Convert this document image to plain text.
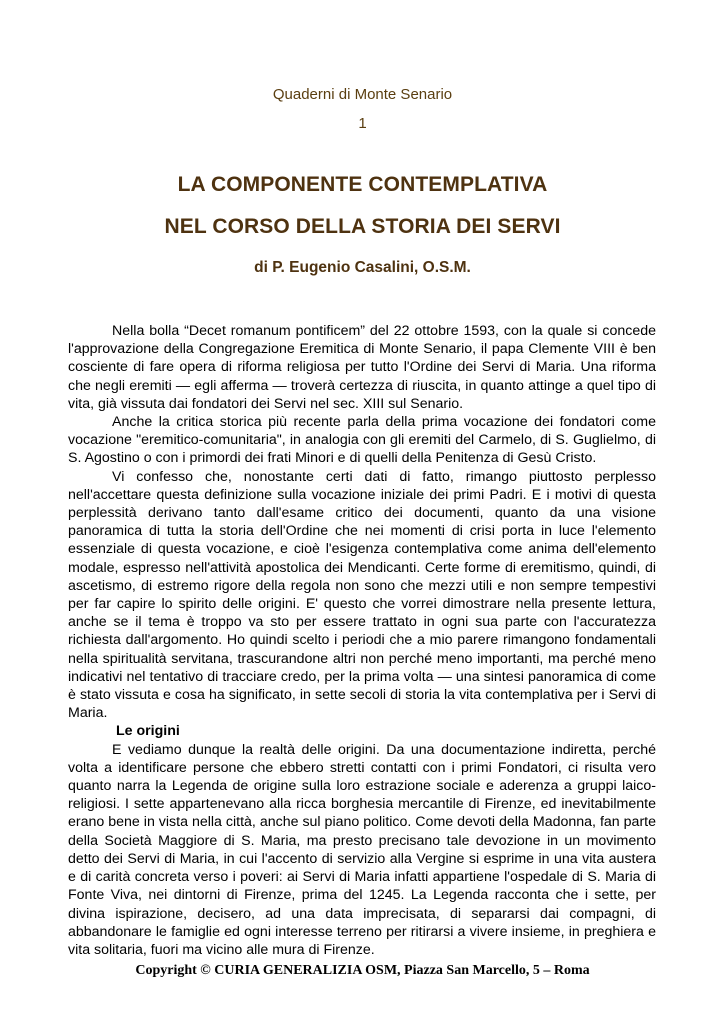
Quaderni di Monte Senario
1
LA COMPONENTE CONTEMPLATIVA
NEL CORSO DELLA STORIA DEI SERVI
di P. Eugenio Casalini, O.S.M.

Nella bolla “Decet romanum pontificem” del 22 ottobre 1593, con la quale si concede l'approvazione della Congregazione Eremitica di Monte Senario, il papa Clemente VIII è ben cosciente di fare opera di riforma religiosa per tutto l'Ordine dei Servi di Maria. Una riforma che negli eremiti — egli afferma — troverà certezza di riuscita, in quanto attinge a quel tipo di vita, già vissuta dai fondatori dei Servi nel sec. XIII sul Senario.

Anche la critica storica più recente parla della prima vocazione dei fondatori come vocazione "eremitico-comunitaria", in analogia con gli eremiti del Carmelo, di S. Guglielmo, di S. Agostino o con i primordi dei frati Minori e di quelli della Penitenza di Gesù Cristo.

Vi confesso che, nonostante certi dati di fatto, rimango piuttosto perplesso nell'accettare questa definizione sulla vocazione iniziale dei primi Padri. E i motivi di questa perplessità derivano tanto dall'esame critico dei documenti, quanto da una visione panoramica di tutta la storia dell'Ordine che nei momenti di crisi porta in luce l'elemento essenziale di questa vocazione, e cioè l'esigenza contemplativa come anima dell'elemento modale, espresso nell'attività apostolica dei Mendicanti. Certe forme di eremitismo, quindi, di ascetismo, di estremo rigore della regola non sono che mezzi utili e non sempre tempestivi per far capire lo spirito delle origini. E' questo che vorrei dimostrare nella presente lettura, anche se il tema è troppo va sto per essere trattato in ogni sua parte con l'accuratezza richiesta dall'argomento. Ho quindi scelto i periodi che a mio parere rimangono fondamentali nella spiritualità servitana, trascurandone altri non perché meno importanti, ma perché meno indicativi nel tentativo di tracciare credo, per la prima volta — una sintesi panoramica di come è stato vissuta e cosa ha significato, in sette secoli di storia la vita contemplativa per i Servi di Maria.

Le origini

E vediamo dunque la realtà delle origini. Da una documentazione indiretta, perché volta a identificare persone che ebbero stretti contatti con i primi Fondatori, ci risulta vero quanto narra la Legenda de origine sulla loro estrazione sociale e aderenza a gruppi laico-religiosi. I sette appartenevano alla ricca borghesia mercantile di Firenze, ed inevitabilmente erano bene in vista nella città, anche sul piano politico. Come devoti della Madonna, fan parte della Società Maggiore di S. Maria, ma presto precisano tale devozione in un movimento detto dei Servi di Maria, in cui l'accento di servizio alla Vergine si esprime in una vita austera e di carità concreta verso i poveri: ai Servi di Maria infatti appartiene l'ospedale di S. Maria di Fonte Viva, nei dintorni di Firenze, prima del 1245. La Legenda racconta che i sette, per divina ispirazione, decisero, ad una data imprecisata, di separarsi dai compagni, di abbandonare le famiglie ed ogni interesse terreno per ritirarsi a vivere insieme, in preghiera e vita solitaria, fuori ma vicino alle mura di Firenze.

Copyright © CURIA GENERALIZIA OSM, Piazza San Marcello, 5 – Roma
